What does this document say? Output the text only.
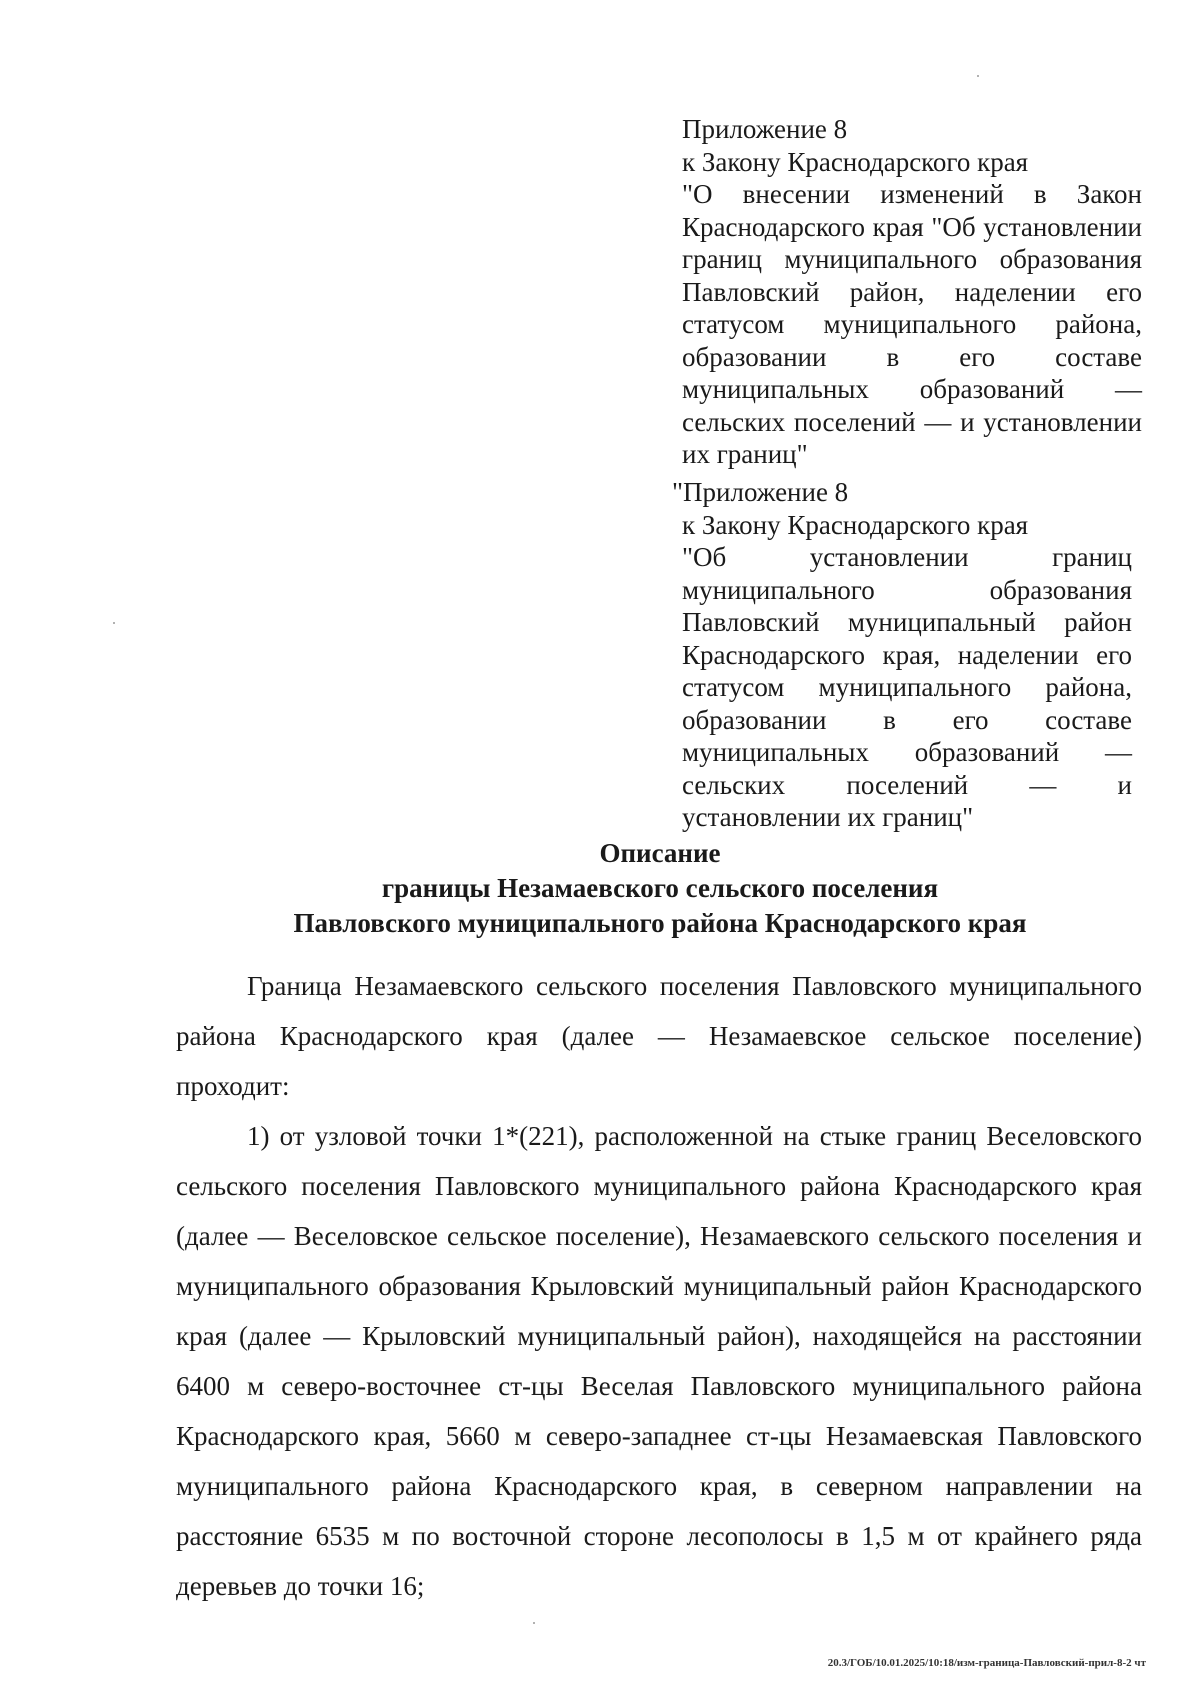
Приложение 8
к Закону Краснодарского края
"О внесении изменений в Закон Краснодарского края "Об установлении границ муниципального образования Павловский район, наделении его статусом муниципального района, образовании в его составе муниципальных образований — сельских поселений — и установлении их границ"
"Приложение 8
к Закону Краснодарского края
"Об установлении границ муниципального образования Павловский муниципальный район Краснодарского края, наделении его статусом муниципального района, образовании в его составе муниципальных образований — сельских поселений — и установлении их границ"
Описание
границы Незамаевского сельского поселения
Павловского муниципального района Краснодарского края

Граница Незамаевского сельского поселения Павловского муниципального района Краснодарского края (далее — Незамаевское сельское поселение) проходит:

1) от узловой точки 1*(221), расположенной на стыке границ Веселовского сельского поселения Павловского муниципального района Краснодарского края (далее — Веселовское сельское поселение), Незамаевского сельского поселения и муниципального образования Крыловский муниципальный район Краснодарского края (далее — Крыловский муниципальный район), находящейся на расстоянии 6400 м северо-восточнее ст-цы Веселая Павловского муниципального района Краснодарского края, 5660 м северо-западнее ст-цы Незамаевская Павловского муниципального района Краснодарского края, в северном направлении на расстояние 6535 м по восточной стороне лесополосы в 1,5 м от крайнего ряда деревьев до точки 16;

20.3/ГОБ/10.01.2025/10:18/изм-граница-Павловский-прил-8-2 чт
